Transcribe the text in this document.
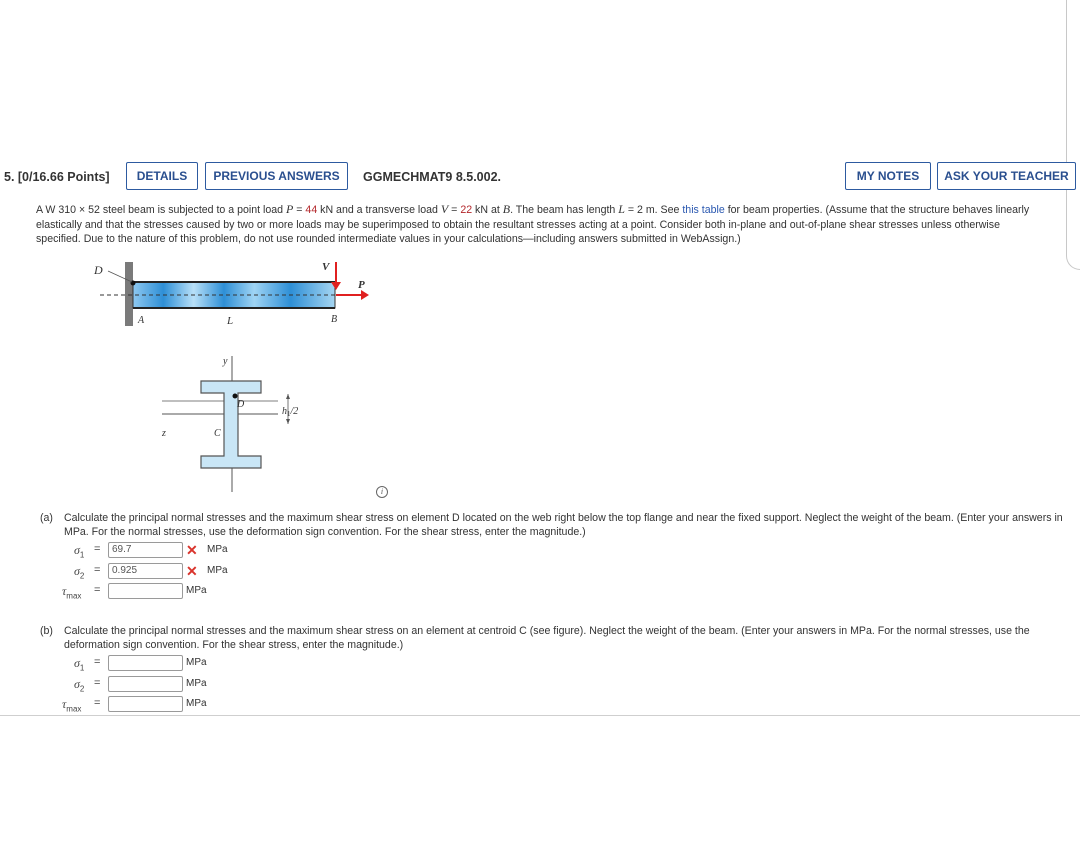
5. [0/16.66 Points]	DETAILS	PREVIOUS ANSWERS	GGMECHMAT9 8.5.002.	MY NOTES	ASK YOUR TEACHER
A W 310 × 52 steel beam is subjected to a point load P = 44 kN and a transverse load V = 22 kN at B. The beam has length L = 2 m. See this table for beam properties. (Assume that the structure behaves linearly elastically and that the stresses caused by two or more loads may be superimposed to obtain the resultant stresses acting at a point. Consider both in-plane and out-of-plane shear stresses unless otherwise specified. Due to the nature of this problem, do not use rounded intermediate values in your calculations—including answers submitted in WebAssign.)
D
A	L	B
V
P
y
z
D
C
$h_1/2$
i
(a) Calculate the principal normal stresses and the maximum shear stress on element D located on the web right below the top flange and near the fixed support. Neglect the weight of the beam. (Enter your answers in MPa. For the normal stresses, use the deformation sign convention. For the shear stress, enter the magnitude.)
$\sigma_1$ =	69.7	✕ MPa
$\sigma_2$ =	0.925	✕ MPa
$\tau_{max}$	=	MPa
(b) Calculate the principal normal stresses and the maximum shear stress on an element at centroid C (see figure). Neglect the weight of the beam. (Enter your answers in MPa. For the normal stresses, use the deformation sign convention. For the shear stress, enter the magnitude.)
$\sigma_1$ =	MPa
$\sigma_2$ =	MPa
$\tau_{max}$	=	MPa
